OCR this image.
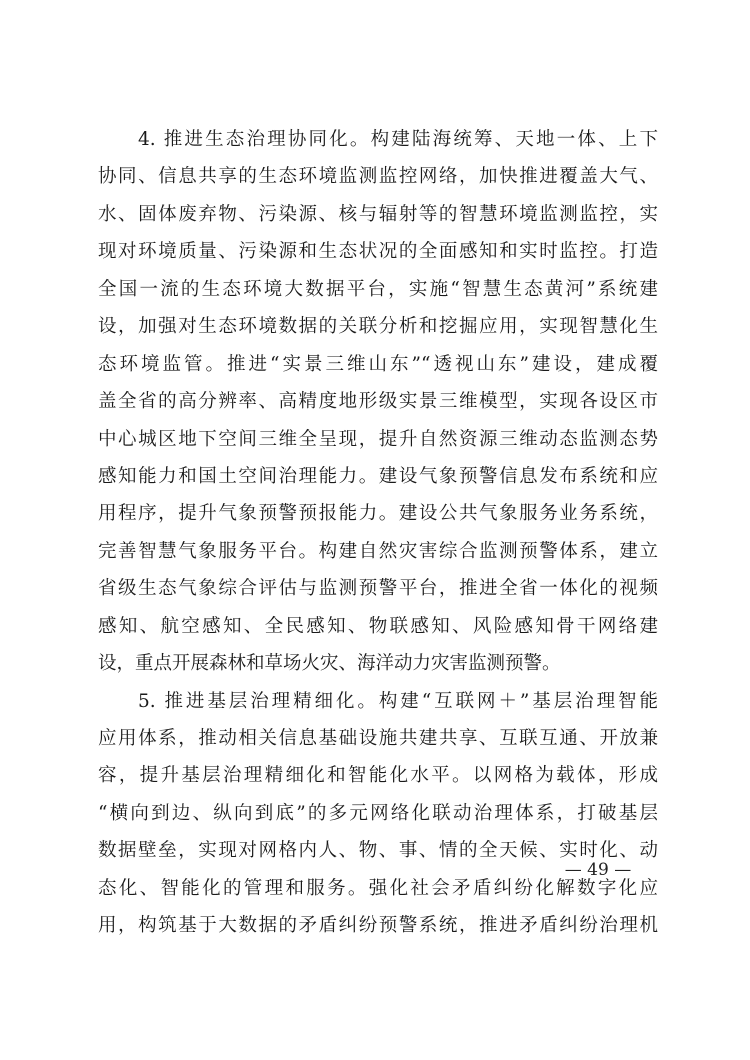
4. 推进生态治理协同化。构建陆海统筹、天地一体、上下
协同、信息共享的生态环境监测监控网络，加快推进覆盖大气、
水、固体废弃物、污染源、核与辐射等的智慧环境监测监控，实
现对环境质量、污染源和生态状况的全面感知和实时监控。打造
全国一流的生态环境大数据平台，实施“智慧生态黄河”系统建
设，加强对生态环境数据的关联分析和挖掘应用，实现智慧化生
态环境监管。推进“实景三维山东”“透视山东”建设，建成覆
盖全省的高分辨率、高精度地形级实景三维模型，实现各设区市
中心城区地下空间三维全呈现，提升自然资源三维动态监测态势
感知能力和国土空间治理能力。建设气象预警信息发布系统和应
用程序，提升气象预警预报能力。建设公共气象服务业务系统，
完善智慧气象服务平台。构建自然灾害综合监测预警体系，建立
省级生态气象综合评估与监测预警平台，推进全省一体化的视频
感知、航空感知、全民感知、物联感知、风险感知骨干网络建
设，重点开展森林和草场火灾、海洋动力灾害监测预警。
5. 推进基层治理精细化。构建“互联网＋”基层治理智能
应用体系，推动相关信息基础设施共建共享、互联互通、开放兼
容，提升基层治理精细化和智能化水平。以网格为载体，形成
“横向到边、纵向到底”的多元网络化联动治理体系，打破基层
数据壁垒，实现对网格内人、物、事、情的全天候、实时化、动
态化、智能化的管理和服务。强化社会矛盾纠纷化解数字化应
用，构筑基于大数据的矛盾纠纷预警系统，推进矛盾纠纷治理机
— 49 —
